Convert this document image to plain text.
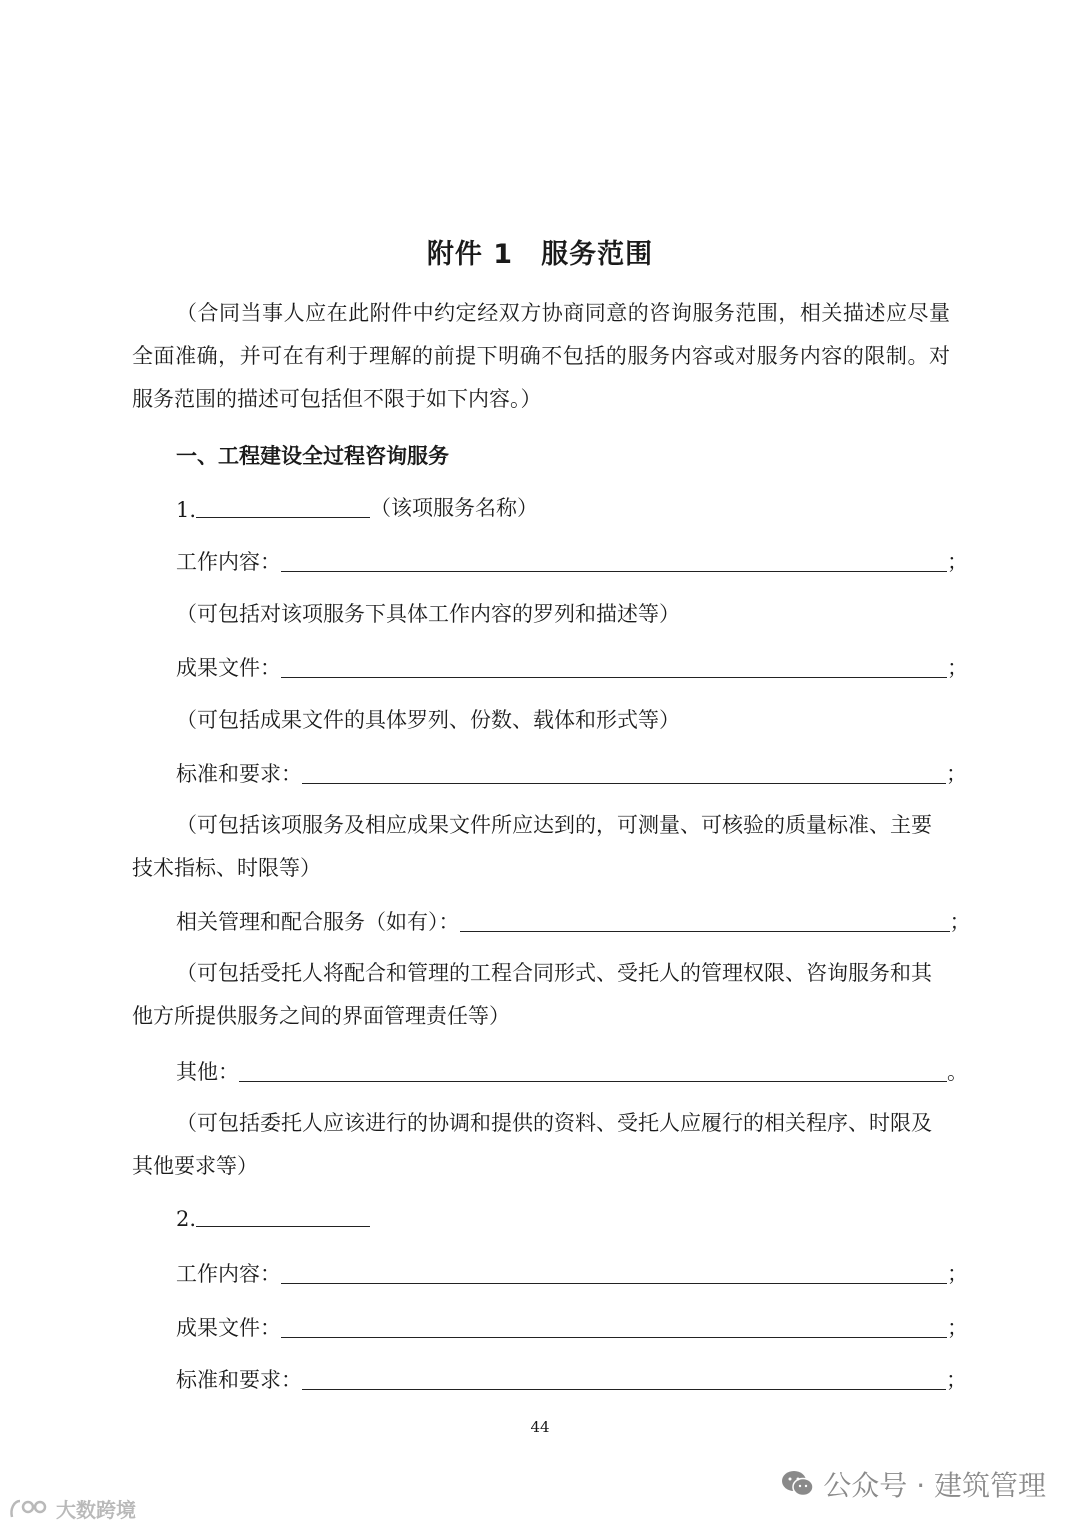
附件 1　服务范围
（合同当事人应在此附件中约定经双方协商同意的咨询服务范围，相关描述应尽量全面准确，并可在有利于理解的前提下明确不包括的服务内容或对服务内容的限制。对服务范围的描述可包括但不限于如下内容。）
一、工程建设全过程咨询服务
1.	（该项服务名称）
工作内容：	；
（可包括对该项服务下具体工作内容的罗列和描述等）
成果文件：	；
（可包括成果文件的具体罗列、份数、载体和形式等）
标准和要求：	；
（可包括该项服务及相应成果文件所应达到的，可测量、可核验的质量标准、主要技术指标、时限等）
相关管理和配合服务（如有）：	；
（可包括受托人将配合和管理的工程合同形式、受托人的管理权限、咨询服务和其他方所提供服务之间的界面管理责任等）
其他：	。
（可包括委托人应该进行的协调和提供的资料、受托人应履行的相关程序、时限及其他要求等）
2.
工作内容：	；
成果文件：	；
标准和要求：	；
44
公众号 · 建筑管理
大数跨境
